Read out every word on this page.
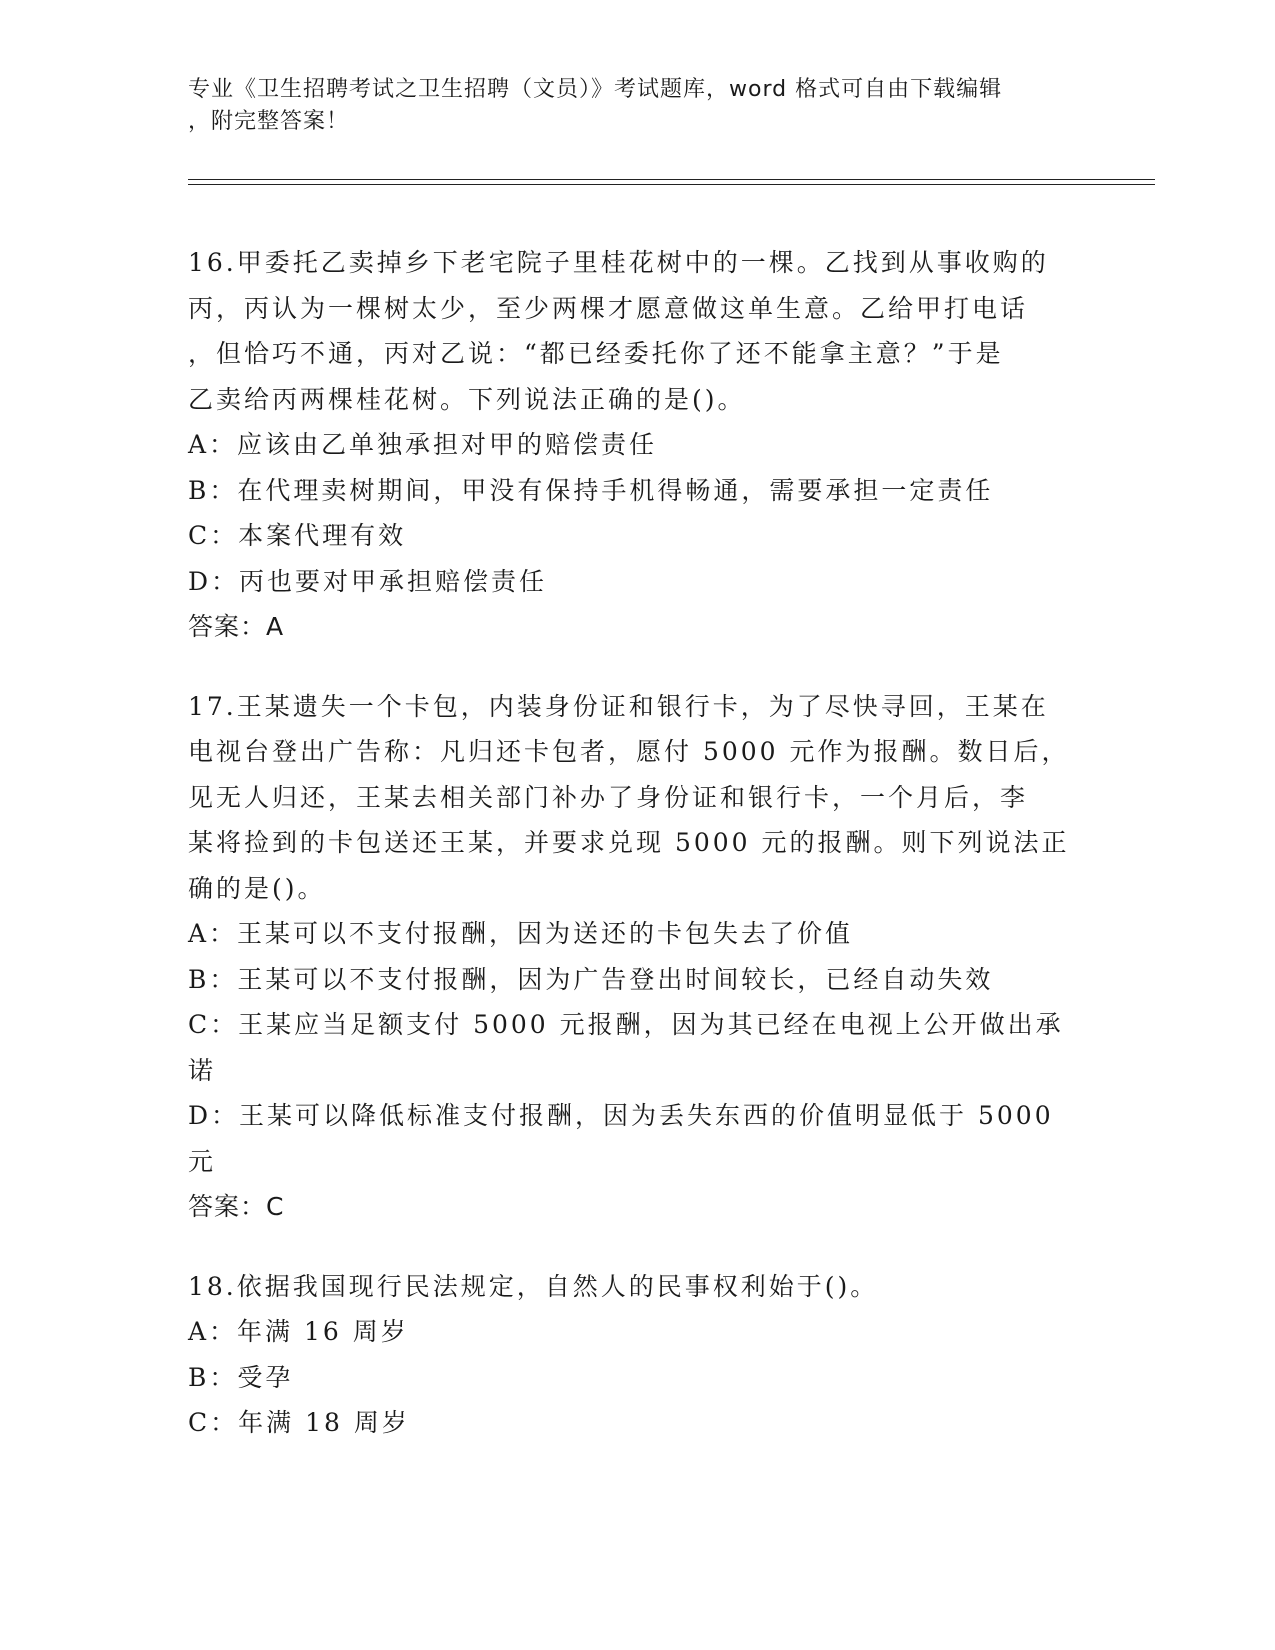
专业《卫生招聘考试之卫生招聘（文员）》考试题库，word 格式可自由下载编辑
，附完整答案！
16.甲委托乙卖掉乡下老宅院子里桂花树中的一棵。乙找到从事收购的
丙，丙认为一棵树太少，至少两棵才愿意做这单生意。乙给甲打电话
，但恰巧不通，丙对乙说：“都已经委托你了还不能拿主意？”于是
乙卖给丙两棵桂花树。下列说法正确的是()。
A：应该由乙单独承担对甲的赔偿责任
B：在代理卖树期间，甲没有保持手机得畅通，需要承担一定责任
C：本案代理有效
D：丙也要对甲承担赔偿责任
答案：A
17.王某遗失一个卡包，内装身份证和银行卡，为了尽快寻回，王某在
电视台登出广告称：凡归还卡包者，愿付 5000 元作为报酬。数日后，
见无人归还，王某去相关部门补办了身份证和银行卡，一个月后，李
某将捡到的卡包送还王某，并要求兑现 5000 元的报酬。则下列说法正
确的是()。
A：王某可以不支付报酬，因为送还的卡包失去了价值
B：王某可以不支付报酬，因为广告登出时间较长，已经自动失效
C：王某应当足额支付 5000 元报酬，因为其已经在电视上公开做出承
诺
D：王某可以降低标准支付报酬，因为丢失东西的价值明显低于 5000
元
答案：C
18.依据我国现行民法规定，自然人的民事权利始于()。
A：年满 16 周岁
B：受孕
C：年满 18 周岁
